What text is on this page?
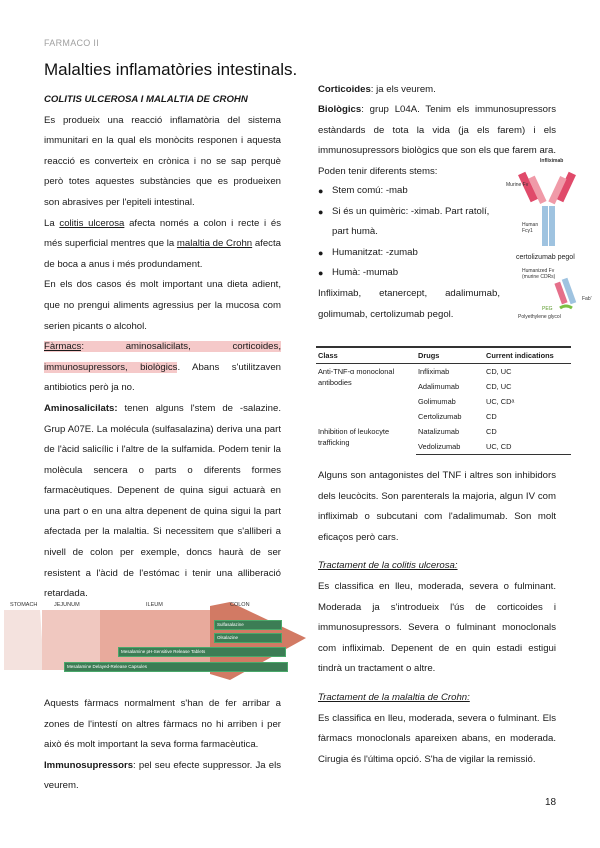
FARMACO II
Malalties inflamatòries intestinals.

COLITIS ULCEROSA I MALALTIA DE CROHN

Es produeix una reacció inflamatòria del sistema immunitari en la qual els monòcits responen i aquesta reacció es converteix en crònica i no se sap perquè però totes aquestes substàncies que es produeixen son abrasives per l'epiteli intestinal.

La colitis ulcerosa afecta només a colon i recte i és més superficial mentres que la malaltia de Crohn afecta de boca a anus i més produndament.

En els dos casos és molt important una dieta adient, que no prengui aliments agressius per la mucosa com serien picants o alcohol.

Fàrmacs: aminosalicilats, corticoides, immunosupressors, biològics. Abans s'utilitzaven antibiotics però ja no.

Aminosalicilats: tenen alguns l'stem de -salazine. Grup A07E. La molécula (sulfasalazina) deriva una part de l'àcid salicílic i l'altre de la sulfamida. Podem tenir la molècula sencera o parts o diferents formes farmacèutiques. Depenent de quina sigui actuarà en una part o en una altra depenent de quina sigui la part afectada per la malaltia. Si necessitem que s'alliberi a nivell de colon per exemple, doncs haurà de ser resistent a l'àcid de l'estómac i tenir una alliberació retardada.

STOMACH	JEJUNUM	ILEUM	COLON
Sulfasalazine
Olsalazine
Mesalamine pH-Sensitive Release Tablets
Mesalamine Delayed-Release Capsules

Aquests fàrmacs normalment s'han de fer arribar a zones de l'intestí on altres fàrmacs no hi arriben i per això és molt important la seva forma farmacèutica.

Immunosupressors: pel seu efecte suppressor. Ja els veurem.

Corticoides: ja els veurem.

Biològics: grup L04A. Tenim els immunosupressors estàndards de tota la vida (ja els farem) i els immunosupressors biològics que son els que farem ara. Poden tenir diferents stems:

● Stem comú: -mab
● Si és un quimèric: -ximab. Part ratolí, part humà.
● Humanitzat: -zumab
● Humà: -mumab

Infliximab, etanercept, adalimumab, golimumab, certolizumab pegol.

Infliximab
Murine Fv
Human Fcγ1
certolizumab pegol
Humanized Fv (murine CDRs)
Fab'
PEG
Polyethylene glycol
Class	Drugs	Current indications
Anti-TNF-α monoclonal antibodies	Infliximab	CD, UC
	Adalimumab	CD, UC
	Golimumab	UC, CDᵃ
	Certolizumab	CD
Inhibition of leukocyte trafficking	Natalizumab	CD
	Vedolizumab	UC, CD

Alguns son antagonistes del TNF i altres son inhibidors dels leucòcits. Son parenterals la majoria, algun IV com infliximab o subcutani com l'adalimumab. Son molt eficaços però cars.

Tractament de la colitis ulcerosa:

Es classifica en lleu, moderada, severa o fulminant. Moderada ja s'introdueix l'ús de corticoides i immunosupressors. Severa o fulminant monoclonals com infliximab. Depenent de en quin estadi estigui tindrà un tractament o altre.

Tractament de la malaltia de Crohn:

Es classifica en lleu, moderada, severa o fulminant. Els fàrmacs monoclonals apareixen abans, en moderada. Cirugia és l'última opció. S'ha de vigilar la remissió.

18
